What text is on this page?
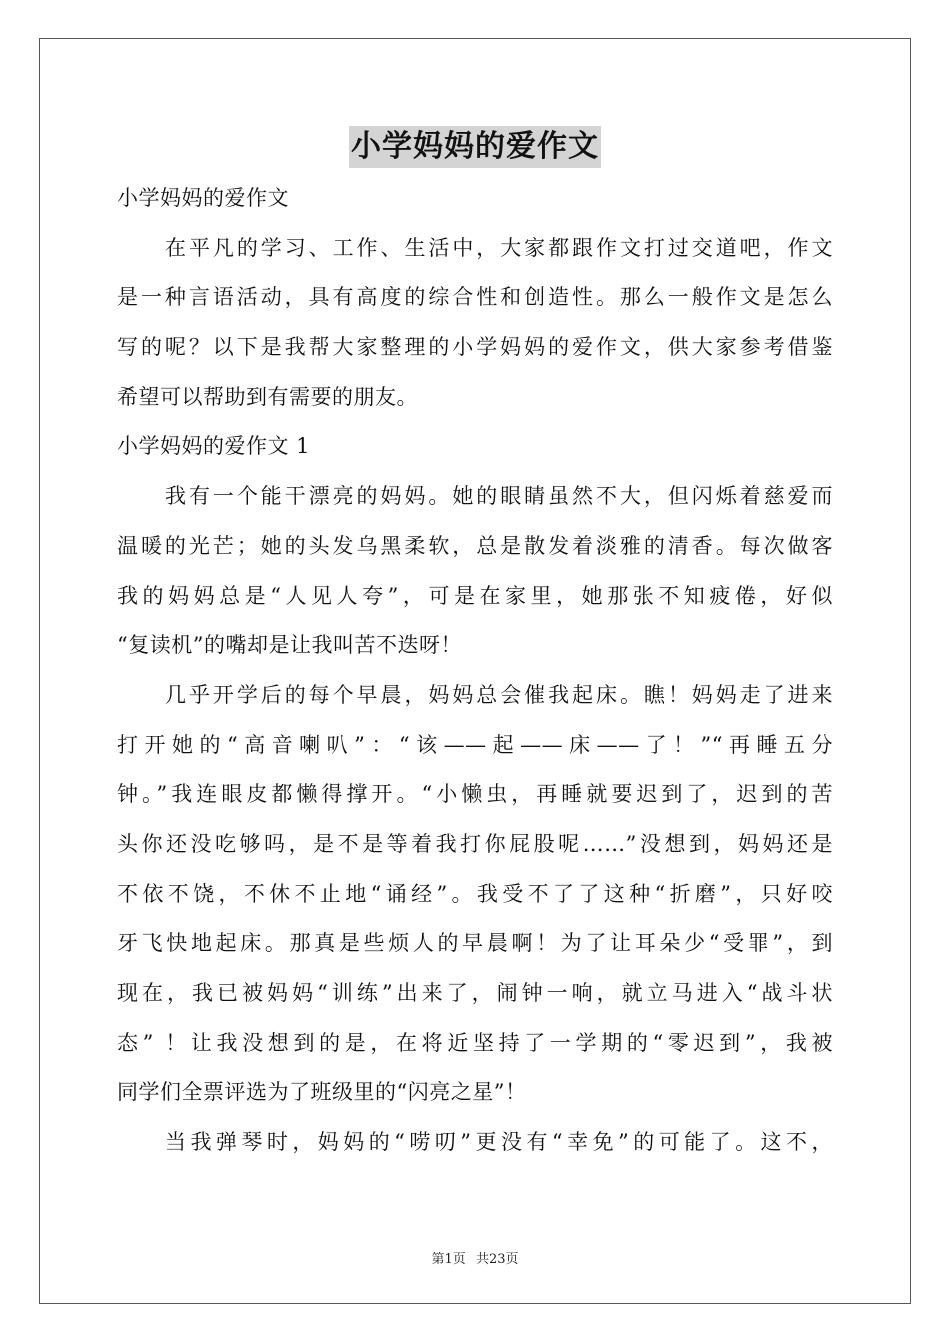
小学妈妈的爱作文
小学妈妈的爱作文
在平凡的学习、工作、生活中，大家都跟作文打过交道吧，作文
是一种言语活动，具有高度的综合性和创造性。那么一般作文是怎么
写的呢？以下是我帮大家整理的小学妈妈的爱作文，供大家参考借鉴
希望可以帮助到有需要的朋友。
小学妈妈的爱作文 1
我有一个能干漂亮的妈妈。她的眼睛虽然不大，但闪烁着慈爱而
温暖的光芒；她的头发乌黑柔软，总是散发着淡雅的清香。每次做客
我的妈妈总是“人见人夸”，可是在家里，她那张不知疲倦，好似
“复读机”的嘴却是让我叫苦不迭呀！
几乎开学后的每个早晨，妈妈总会催我起床。瞧！妈妈走了进来
打开她的“高音喇叭”：“该——起——床——了！”“再睡五分
钟。”我连眼皮都懒得撑开。“小懒虫，再睡就要迟到了，迟到的苦
头你还没吃够吗，是不是等着我打你屁股呢……”没想到，妈妈还是
不依不饶，不休不止地“诵经”。我受不了了这种“折磨”，只好咬
牙飞快地起床。那真是些烦人的早晨啊！为了让耳朵少“受罪”，到
现在，我已被妈妈“训练”出来了，闹钟一响，就立马进入“战斗状
态” ！让我没想到的是，在将近坚持了一学期的“零迟到”，我被
同学们全票评选为了班级里的“闪亮之星”！
当我弹琴时，妈妈的“唠叨”更没有“幸免”的可能了。这不，
第1页 共23页
